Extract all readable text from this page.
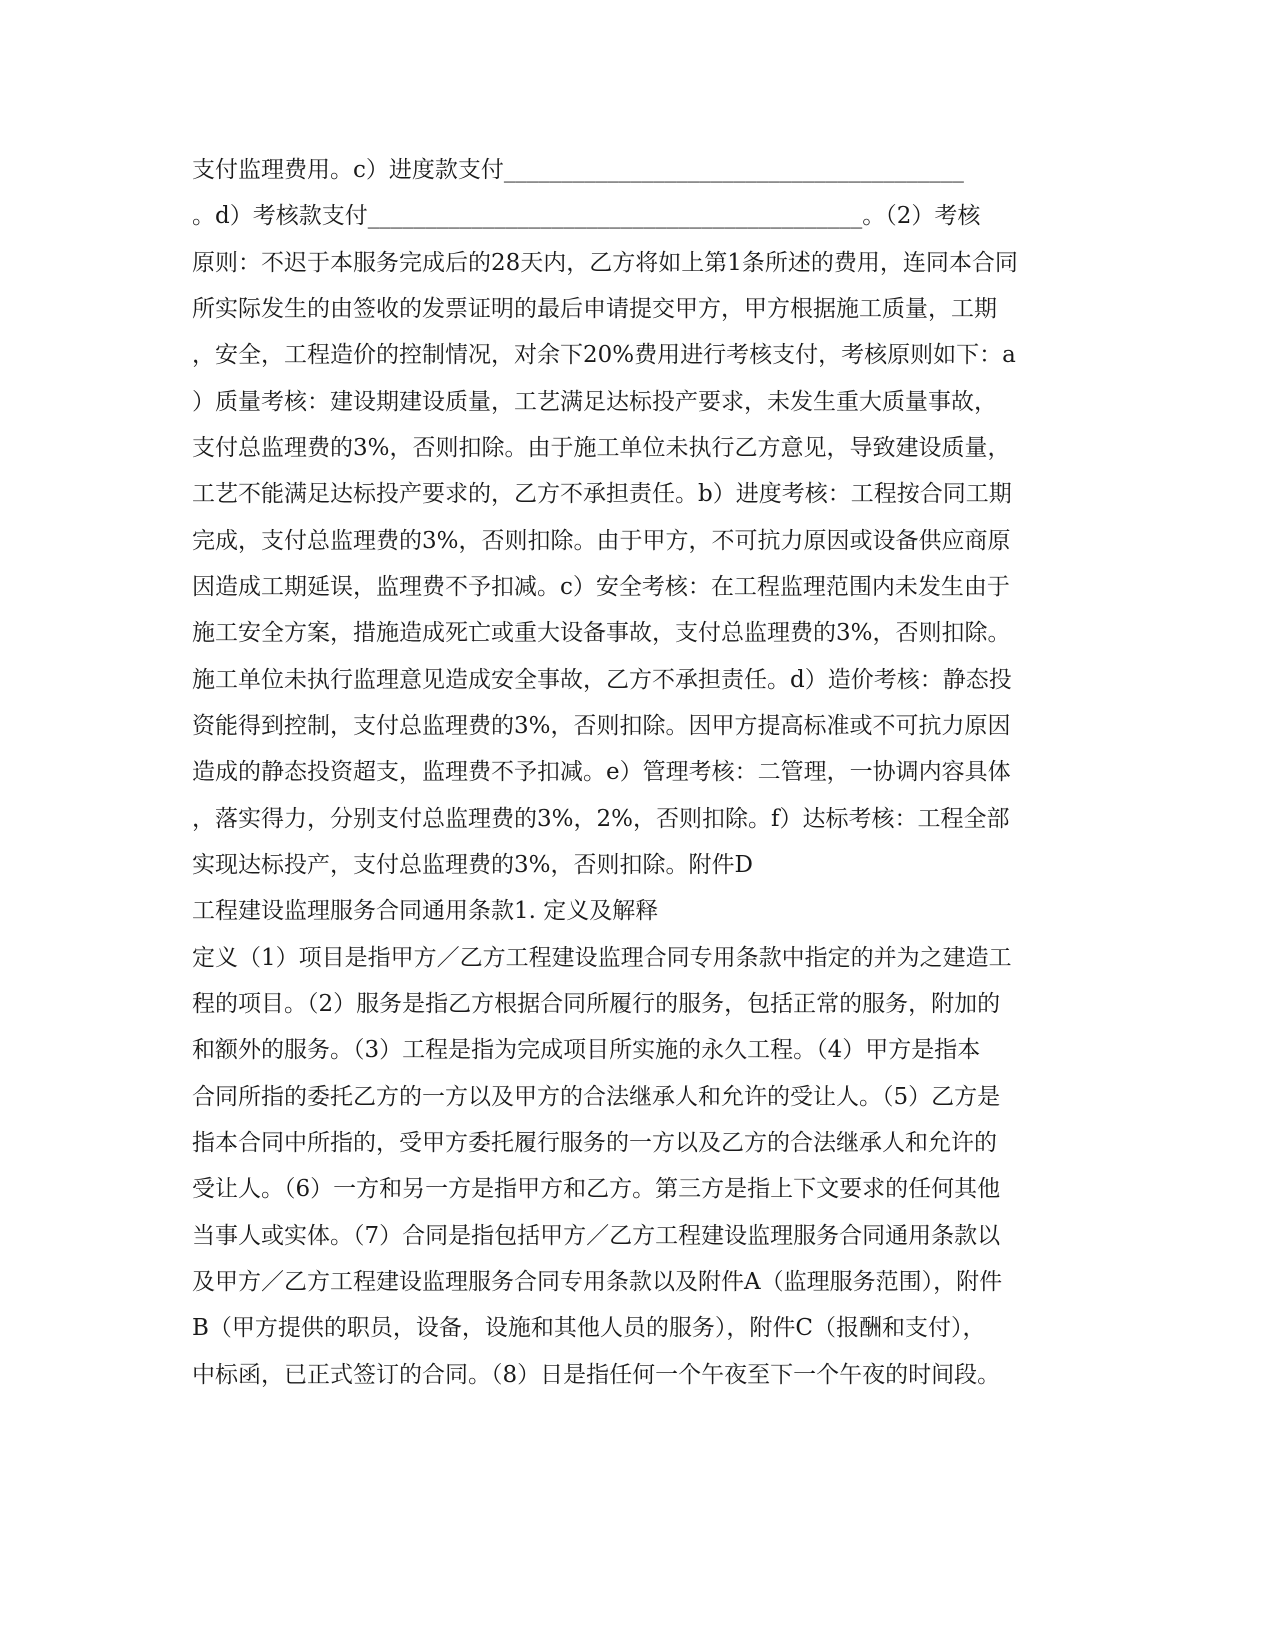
支付监理费用。c）进度款支付________________________________________
。d）考核款支付___________________________________________。（2）考核
原则：不迟于本服务完成后的28天内，乙方将如上第1条所述的费用，连同本合同
所实际发生的由签收的发票证明的最后申请提交甲方，甲方根据施工质量，工期
，安全，工程造价的控制情况，对余下20%费用进行考核支付，考核原则如下：a
）质量考核：建设期建设质量，工艺满足达标投产要求，未发生重大质量事故，
支付总监理费的3%，否则扣除。由于施工单位未执行乙方意见，导致建设质量，
工艺不能满足达标投产要求的，乙方不承担责任。b）进度考核：工程按合同工期
完成，支付总监理费的3%，否则扣除。由于甲方，不可抗力原因或设备供应商原
因造成工期延误，监理费不予扣减。c）安全考核：在工程监理范围内未发生由于
施工安全方案，措施造成死亡或重大设备事故，支付总监理费的3%，否则扣除。
施工单位未执行监理意见造成安全事故，乙方不承担责任。d）造价考核：静态投
资能得到控制，支付总监理费的3%，否则扣除。因甲方提高标准或不可抗力原因
造成的静态投资超支，监理费不予扣减。e）管理考核：二管理，一协调内容具体
，落实得力，分别支付总监理费的3%，2%，否则扣除。f）达标考核：工程全部
实现达标投产，支付总监理费的3%，否则扣除。附件D
工程建设监理服务合同通用条款1. 定义及解释
定义（1）项目是指甲方／乙方工程建设监理合同专用条款中指定的并为之建造工
程的项目。（2）服务是指乙方根据合同所履行的服务，包括正常的服务，附加的
和额外的服务。（3）工程是指为完成项目所实施的永久工程。（4）甲方是指本
合同所指的委托乙方的一方以及甲方的合法继承人和允许的受让人。（5）乙方是
指本合同中所指的，受甲方委托履行服务的一方以及乙方的合法继承人和允许的
受让人。（6）一方和另一方是指甲方和乙方。第三方是指上下文要求的任何其他
当事人或实体。（7）合同是指包括甲方／乙方工程建设监理服务合同通用条款以
及甲方／乙方工程建设监理服务合同专用条款以及附件A（监理服务范围），附件
B（甲方提供的职员，设备，设施和其他人员的服务），附件C（报酬和支付），
中标函，已正式签订的合同。（8）日是指任何一个午夜至下一个午夜的时间段。
